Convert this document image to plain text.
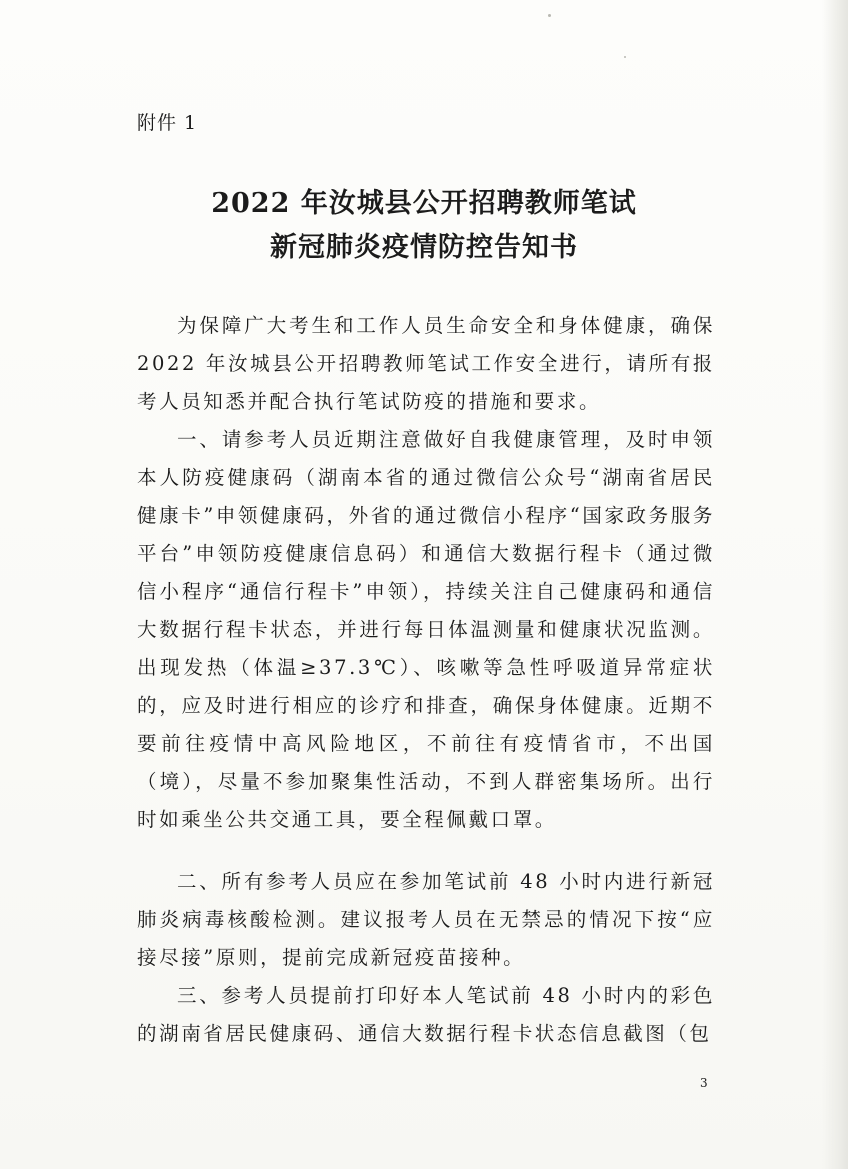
附件 1
2022 年汝城县公开招聘教师笔试
新冠肺炎疫情防控告知书
为保障广大考生和工作人员生命安全和身体健康，确保 2022 年汝城县公开招聘教师笔试工作安全进行，请所有报考人员知悉并配合执行笔试防疫的措施和要求。
一、请参考人员近期注意做好自我健康管理，及时申领本人防疫健康码（湖南本省的通过微信公众号“湖南省居民健康卡”申领健康码，外省的通过微信小程序“国家政务服务平台”申领防疫健康信息码）和通信大数据行程卡（通过微信小程序“通信行程卡”申领），持续关注自己健康码和通信大数据行程卡状态，并进行每日体温测量和健康状况监测。出现发热（体温≥37.3℃）、咳嗽等急性呼吸道异常症状的，应及时进行相应的诊疗和排查，确保身体健康。近期不要前往疫情中高风险地区，不前往有疫情省市，不出国（境），尽量不参加聚集性活动，不到人群密集场所。出行时如乘坐公共交通工具，要全程佩戴口罩。
二、所有参考人员应在参加笔试前 48 小时内进行新冠肺炎病毒核酸检测。建议报考人员在无禁忌的情况下按“应接尽接”原则，提前完成新冠疫苗接种。
三、参考人员提前打印好本人笔试前 48 小时内的彩色的湖南省居民健康码、通信大数据行程卡状态信息截图（包
3
